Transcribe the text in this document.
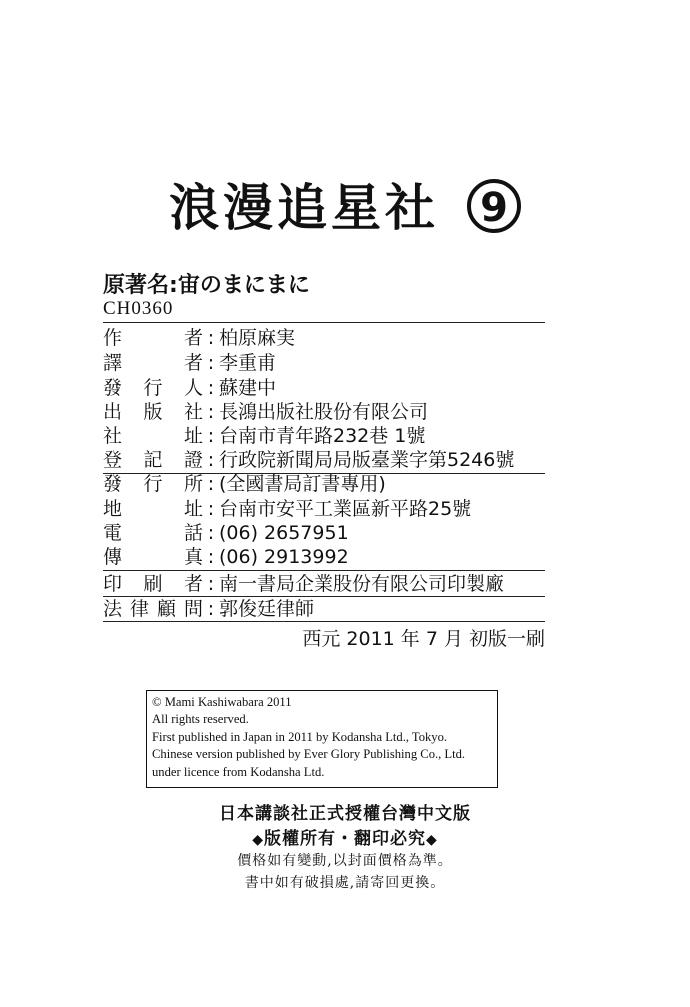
浪漫追星社 9
原著名:宙のまにまに
CH0360
作者 : 柏原麻実
譯者 : 李重甫
發行人 : 蘇建中
出版社 : 長鴻出版社股份有限公司
社址 : 台南市青年路232巷 1號
登記證 : 行政院新聞局局版臺業字第5246號
發行所 : (全國書局訂書專用)
地址 : 台南市安平工業區新平路25號
電話 : (06) 2657951
傳真 : (06) 2913992
印刷者 : 南一書局企業股份有限公司印製廠
法律顧問 : 郭俊廷律師
西元 2011 年 7 月 初版一刷
© Mami Kashiwabara 2011
All rights reserved.
First published in Japan in 2011 by Kodansha Ltd., Tokyo.
Chinese version published by Ever Glory Publishing Co., Ltd.
under licence from Kodansha Ltd.
日本講談社正式授權台灣中文版
◆版權所有・翻印必究◆
價格如有變動,以封面價格為準。
書中如有破損處,請寄回更換。
